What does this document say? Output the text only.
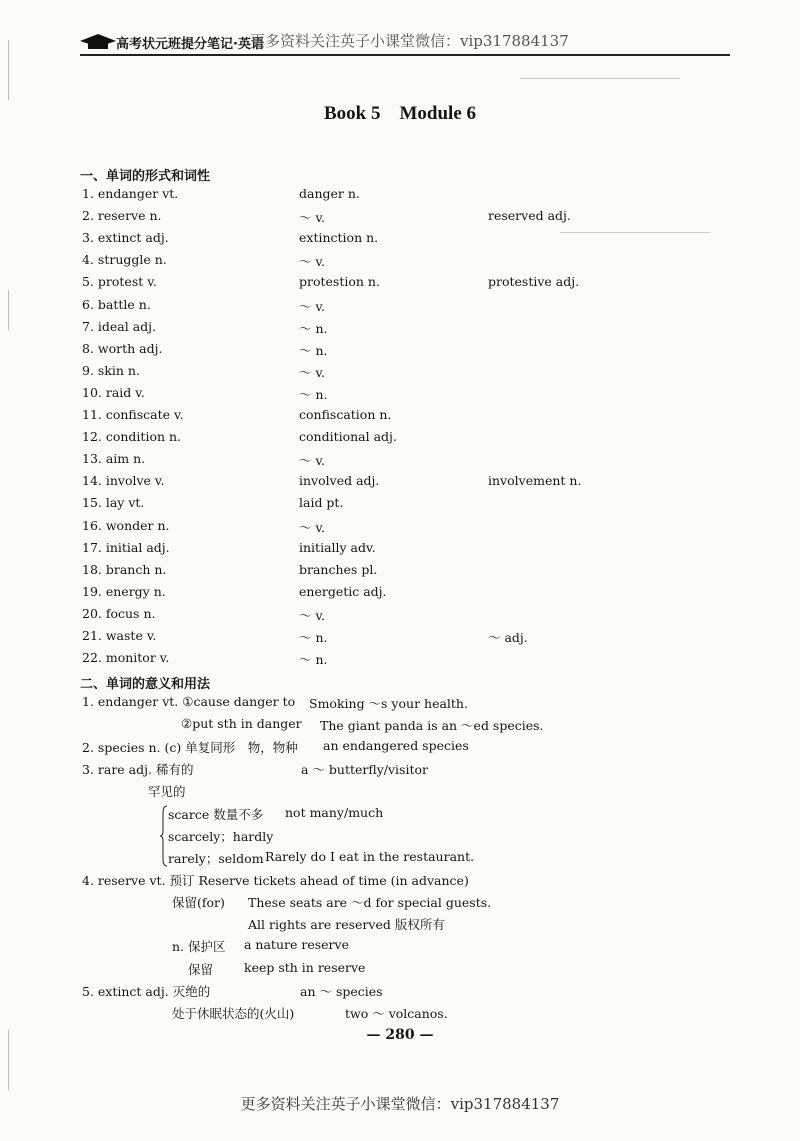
高考状元班提分笔记·英语
更多资料关注英子小课堂微信：vip317884137
Book 5    Module 6
一、单词的形式和词性
1. endanger vt.	danger n.
2. reserve n.	～ v.	reserved adj.
3. extinct adj.	extinction n.
4. struggle n.	～ v.
5. protest v.	protestion n.	protestive adj.
6. battle n.	～ v.
7. ideal adj.	～ n.
8. worth adj.	～ n.
9. skin n.	～ v.
10. raid v.	～ n.
11. confiscate v.	confiscation n.
12. condition n.	conditional adj.
13. aim n.	～ v.
14. involve v.	involved adj.	involvement n.
15. lay vt.	laid pt.
16. wonder n.	～ v.
17. initial adj.	initially adv.
18. branch n.	branches pl.
19. energy n.	energetic adj.
20. focus n.	～ v.
21. waste v.	～ n.	～ adj.
22. monitor v.	～ n.
二、单词的意义和用法
1. endanger vt. ①cause danger to Smoking ～s your health.
②put sth in danger The giant panda is an ～ed species.
2. species n. (c) 单复同形　物，物种 an endangered species
3. rare adj. 稀有的	a ～ butterfly/visitor
罕见的
scarce 数量不多 not many/much
scarcely；hardly
rarely；seldom Rarely do I eat in the restaurant.
4. reserve vt. 预订 Reserve tickets ahead of time (in advance)
保留(for) These seats are ～d for special guests.
All rights are reserved 版权所有
n. 保护区 a nature reserve
保留 keep sth in reserve
5. extinct adj. 灭绝的	an ～ species
处于休眠状态的(火山)	two ～ volcanos.
— 280 —
更多资料关注英子小课堂微信：vip317884137
